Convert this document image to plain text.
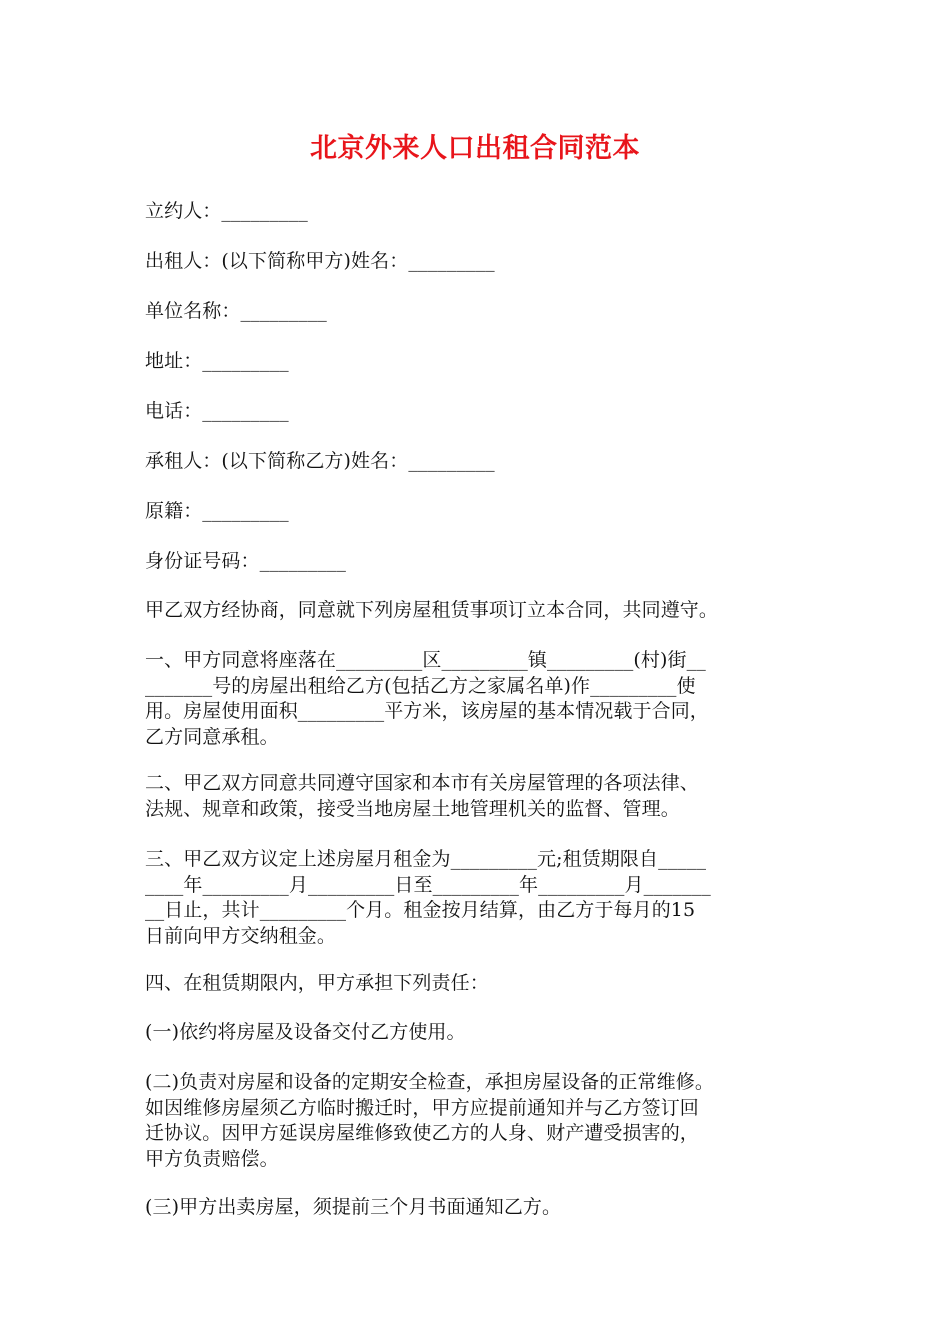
北京外来人口出租合同范本
立约人：_________
出租人：(以下简称甲方)姓名：_________
单位名称：_________
地址：_________
电话：_________
承租人：(以下简称乙方)姓名：_________
原籍：_________
身份证号码：_________
甲乙双方经协商，同意就下列房屋租赁事项订立本合同，共同遵守。
一、甲方同意将座落在_________区_________镇_________(村)街__
_______号的房屋出租给乙方(包括乙方之家属名单)作_________使
用。房屋使用面积_________平方米，该房屋的基本情况载于合同，
乙方同意承租。
二、甲乙双方同意共同遵守国家和本市有关房屋管理的各项法律、
法规、规章和政策，接受当地房屋土地管理机关的监督、管理。
三、甲乙双方议定上述房屋月租金为_________元;租赁期限自_____
____年_________月_________日至_________年_________月_______
__日止，共计_________个月。租金按月结算，由乙方于每月的15
日前向甲方交纳租金。
四、在租赁期限内，甲方承担下列责任：
(一)依约将房屋及设备交付乙方使用。
(二)负责对房屋和设备的定期安全检查，承担房屋设备的正常维修。
如因维修房屋须乙方临时搬迁时，甲方应提前通知并与乙方签订回
迁协议。因甲方延误房屋维修致使乙方的人身、财产遭受损害的，
甲方负责赔偿。
(三)甲方出卖房屋，须提前三个月书面通知乙方。
